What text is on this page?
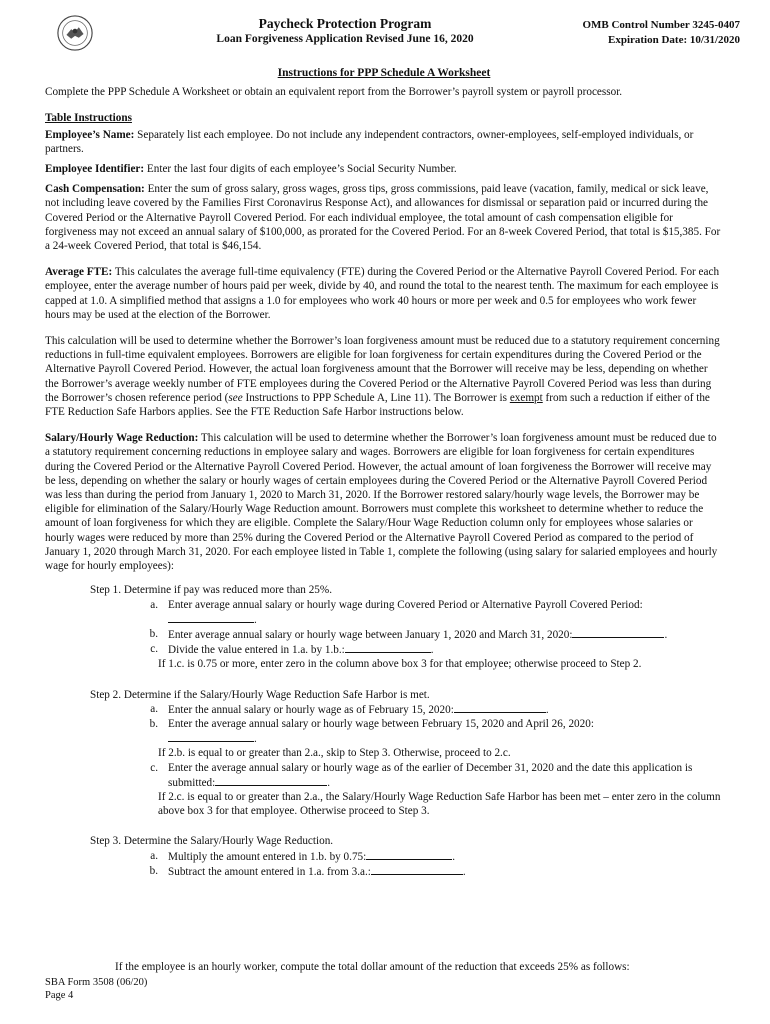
Paycheck Protection Program
Loan Forgiveness Application Revised June 16, 2020
OMB Control Number 3245-0407
Expiration Date: 10/31/2020
Instructions for PPP Schedule A Worksheet

Complete the PPP Schedule A Worksheet or obtain an equivalent report from the Borrower’s payroll system or payroll processor.

Table Instructions

Employee’s Name: Separately list each employee. Do not include any independent contractors, owner-employees, self-employed individuals, or partners.

Employee Identifier: Enter the last four digits of each employee’s Social Security Number.

Cash Compensation: Enter the sum of gross salary, gross wages, gross tips, gross commissions, paid leave (vacation, family, medical or sick leave, not including leave covered by the Families First Coronavirus Response Act), and allowances for dismissal or separation paid or incurred during the Covered Period or the Alternative Payroll Covered Period. For each individual employee, the total amount of cash compensation eligible for forgiveness may not exceed an annual salary of $100,000, as prorated for the Covered Period. For an 8-week Covered Period, that total is $15,385. For a 24-week Covered Period, that total is $46,154.

Average FTE: This calculates the average full-time equivalency (FTE) during the Covered Period or the Alternative Payroll Covered Period. For each employee, enter the average number of hours paid per week, divide by 40, and round the total to the nearest tenth. The maximum for each employee is capped at 1.0. A simplified method that assigns a 1.0 for employees who work 40 hours or more per week and 0.5 for employees who work fewer hours may be used at the election of the Borrower.

This calculation will be used to determine whether the Borrower’s loan forgiveness amount must be reduced due to a statutory requirement concerning reductions in full-time equivalent employees. Borrowers are eligible for loan forgiveness for certain expenditures during the Covered Period or the Alternative Payroll Covered Period. However, the actual loan forgiveness amount that the Borrower will receive may be less, depending on whether the Borrower’s average weekly number of FTE employees during the Covered Period or the Alternative Payroll Covered Period was less than during the Borrower’s chosen reference period (see Instructions to PPP Schedule A, Line 11). The Borrower is exempt from such a reduction if either of the FTE Reduction Safe Harbors applies. See the FTE Reduction Safe Harbor instructions below.

Salary/Hourly Wage Reduction: This calculation will be used to determine whether the Borrower’s loan forgiveness amount must be reduced due to a statutory requirement concerning reductions in employee salary and wages. Borrowers are eligible for loan forgiveness for certain expenditures during the Covered Period or the Alternative Payroll Covered Period. However, the actual amount of loan forgiveness the Borrower will receive may be less, depending on whether the salary or hourly wages of certain employees during the Covered Period or the Alternative Payroll Covered Period was less than during the period from January 1, 2020 to March 31, 2020. If the Borrower restored salary/hourly wage levels, the Borrower may be eligible for elimination of the Salary/Hourly Wage Reduction amount. Borrowers must complete this worksheet to determine whether to reduce the amount of loan forgiveness for which they are eligible. Complete the Salary/Hour Wage Reduction column only for employees whose salaries or hourly wages were reduced by more than 25% during the Covered Period or the Alternative Payroll Covered Period as compared to the period of January 1, 2020 through March 31, 2020. For each employee listed in Table 1, complete the following (using salary for salaried employees and hourly wage for hourly employees):

Step 1. Determine if pay was reduced more than 25%.
a. Enter average annual salary or hourly wage during Covered Period or Alternative Payroll Covered Period:
.
b. Enter average annual salary or hourly wage between January 1, 2020 and March 31, 2020:	.
c. Divide the value entered in 1.a. by 1.b.:	.
If 1.c. is 0.75 or more, enter zero in the column above box 3 for that employee; otherwise proceed to Step 2.
Step 2. Determine if the Salary/Hourly Wage Reduction Safe Harbor is met.
a. Enter the annual salary or hourly wage as of February 15, 2020:	.
b. Enter the average annual salary or hourly wage between February 15, 2020 and April 26, 2020:
.
If 2.b. is equal to or greater than 2.a., skip to Step 3. Otherwise, proceed to 2.c.
c. Enter the average annual salary or hourly wage as of the earlier of December 31, 2020 and the date this application is submitted:	.
If 2.c. is equal to or greater than 2.a., the Salary/Hourly Wage Reduction Safe Harbor has been met – enter zero in the column above box 3 for that employee. Otherwise proceed to Step 3.
Step 3. Determine the Salary/Hourly Wage Reduction.
a. Multiply the amount entered in 1.b. by 0.75:	.
b. Subtract the amount entered in 1.a. from 3.a.:	.
If the employee is an hourly worker, compute the total dollar amount of the reduction that exceeds 25% as follows:
SBA Form 3508 (06/20)
Page 4
